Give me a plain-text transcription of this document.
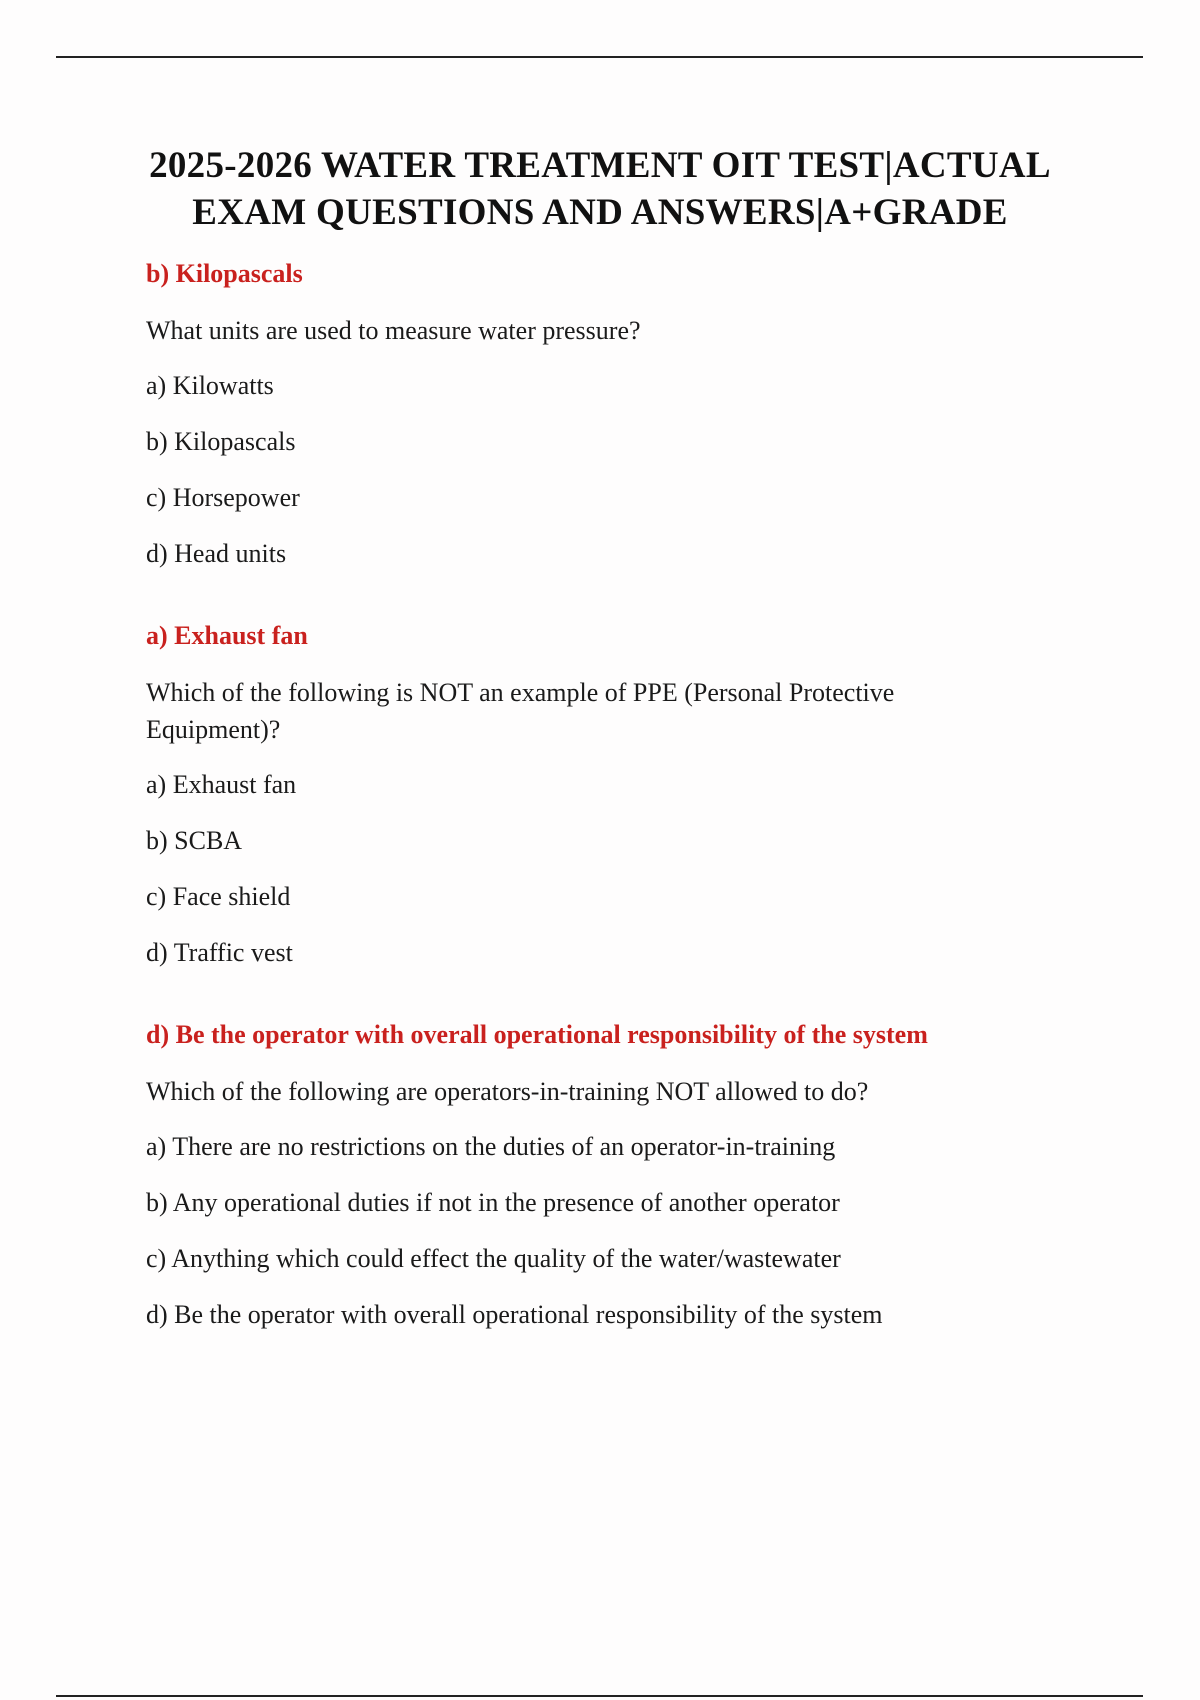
2025-2026 WATER TREATMENT OIT TEST|ACTUAL
EXAM QUESTIONS AND ANSWERS|A+GRADE

b) Kilopascals

What units are used to measure water pressure?

a) Kilowatts

b) Kilopascals

c) Horsepower

d) Head units

a) Exhaust fan

Which of the following is NOT an example of PPE (Personal Protective Equipment)?

a) Exhaust fan

b) SCBA

c) Face shield

d) Traffic vest

d) Be the operator with overall operational responsibility of the system

Which of the following are operators-in-training NOT allowed to do?

a) There are no restrictions on the duties of an operator-in-training

b) Any operational duties if not in the presence of another operator

c) Anything which could effect the quality of the water/wastewater

d) Be the operator with overall operational responsibility of the system
